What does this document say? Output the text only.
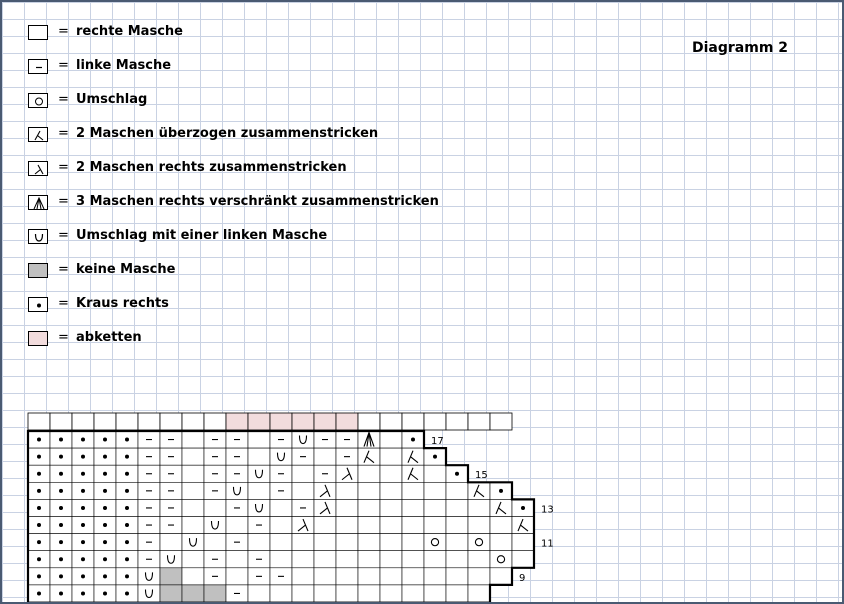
Diagramm 2
= rechte Masche
= linke Masche
= Umschlag
= 2 Maschen überzogen zusammenstricken
= 2 Maschen rechts zusammenstricken
= 3 Maschen rechts verschränkt zusammenstricken
= Umschlag mit einer linken Masche
= keine Masche
= Kraus rechts
= abketten
17
15
13
11
9
